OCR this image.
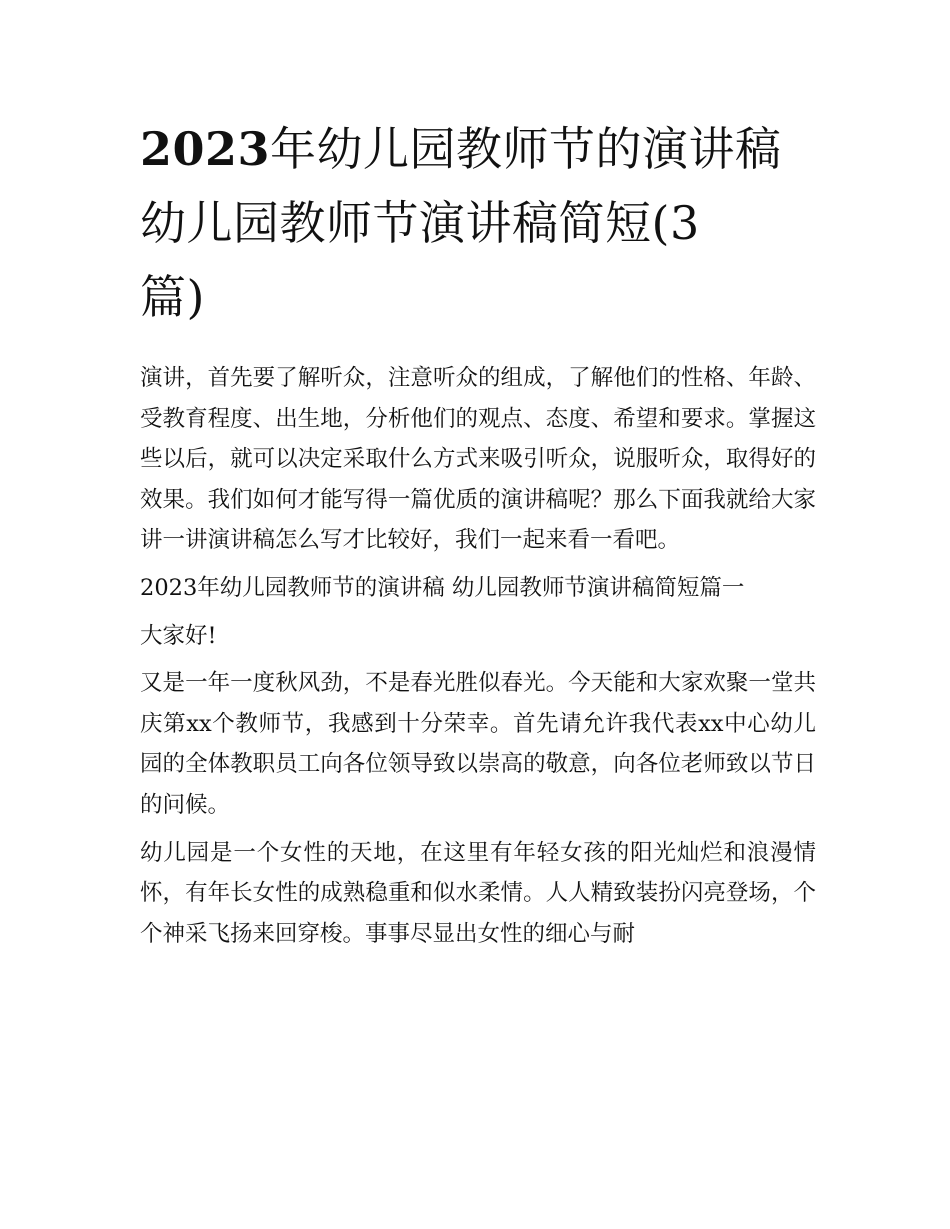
2023年幼儿园教师节的演讲稿
幼儿园教师节演讲稿简短(3
篇)

演讲，首先要了解听众，注意听众的组成，了解他们的性格、年龄、受教育程度、出生地，分析他们的观点、态度、希望和要求。掌握这些以后，就可以决定采取什么方式来吸引听众，说服听众，取得好的效果。我们如何才能写得一篇优质的演讲稿呢？那么下面我就给大家讲一讲演讲稿怎么写才比较好，我们一起来看一看吧。

2023年幼儿园教师节的演讲稿 幼儿园教师节演讲稿简短篇一

大家好!

又是一年一度秋风劲，不是春光胜似春光。今天能和大家欢聚一堂共庆第xx个教师节，我感到十分荣幸。首先请允许我代表xx中心幼儿园的全体教职员工向各位领导致以崇高的敬意，向各位老师致以节日的问候。

幼儿园是一个女性的天地，在这里有年轻女孩的阳光灿烂和浪漫情怀，有年长女性的成熟稳重和似水柔情。人人精致装扮闪亮登场，个个神采飞扬来回穿梭。事事尽显出女性的细心与耐
